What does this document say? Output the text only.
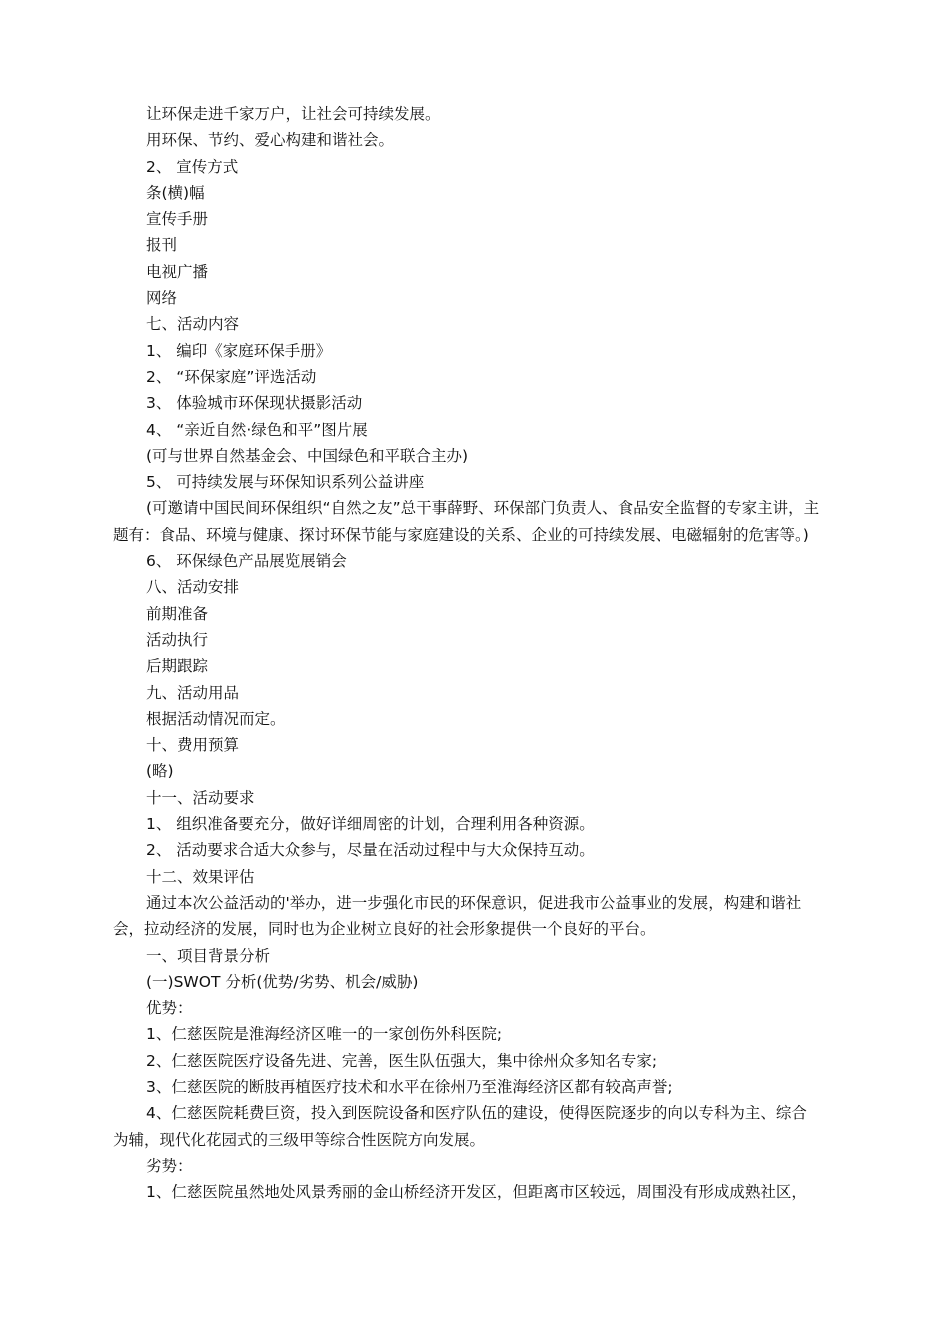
让环保走进千家万户，让社会可持续发展。
用环保、节约、爱心构建和谐社会。
2、 宣传方式
条(横)幅
宣传手册
报刊
电视广播
网络
七、活动内容
1、 编印《家庭环保手册》
2、 “环保家庭”评选活动
3、 体验城市环保现状摄影活动
4、 “亲近自然·绿色和平”图片展
(可与世界自然基金会、中国绿色和平联合主办)
5、 可持续发展与环保知识系列公益讲座
(可邀请中国民间环保组织“自然之友”总干事薛野、环保部门负责人、食品安全监督的专家主讲，主
题有：食品、环境与健康、探讨环保节能与家庭建设的关系、企业的可持续发展、电磁辐射的危害等。)
6、 环保绿色产品展览展销会
八、活动安排
前期准备
活动执行
后期跟踪
九、活动用品
根据活动情况而定。
十、费用预算
(略)
十一、活动要求
1、 组织准备要充分，做好详细周密的计划，合理利用各种资源。
2、 活动要求合适大众参与，尽量在活动过程中与大众保持互动。
十二、效果评估
通过本次公益活动的'举办，进一步强化市民的环保意识，促进我市公益事业的发展，构建和谐社
会，拉动经济的发展，同时也为企业树立良好的社会形象提供一个良好的平台。
一、项目背景分析
(一)SWOT 分析(优势/劣势、机会/威胁)
优势：
1、仁慈医院是淮海经济区唯一的一家创伤外科医院;
2、仁慈医院医疗设备先进、完善，医生队伍强大，集中徐州众多知名专家;
3、仁慈医院的断肢再植医疗技术和水平在徐州乃至淮海经济区都有较高声誉;
4、仁慈医院耗费巨资，投入到医院设备和医疗队伍的建设，使得医院逐步的向以专科为主、综合
为辅，现代化花园式的三级甲等综合性医院方向发展。
劣势：
1、仁慈医院虽然地处风景秀丽的金山桥经济开发区，但距离市区较远，周围没有形成成熟社区，
